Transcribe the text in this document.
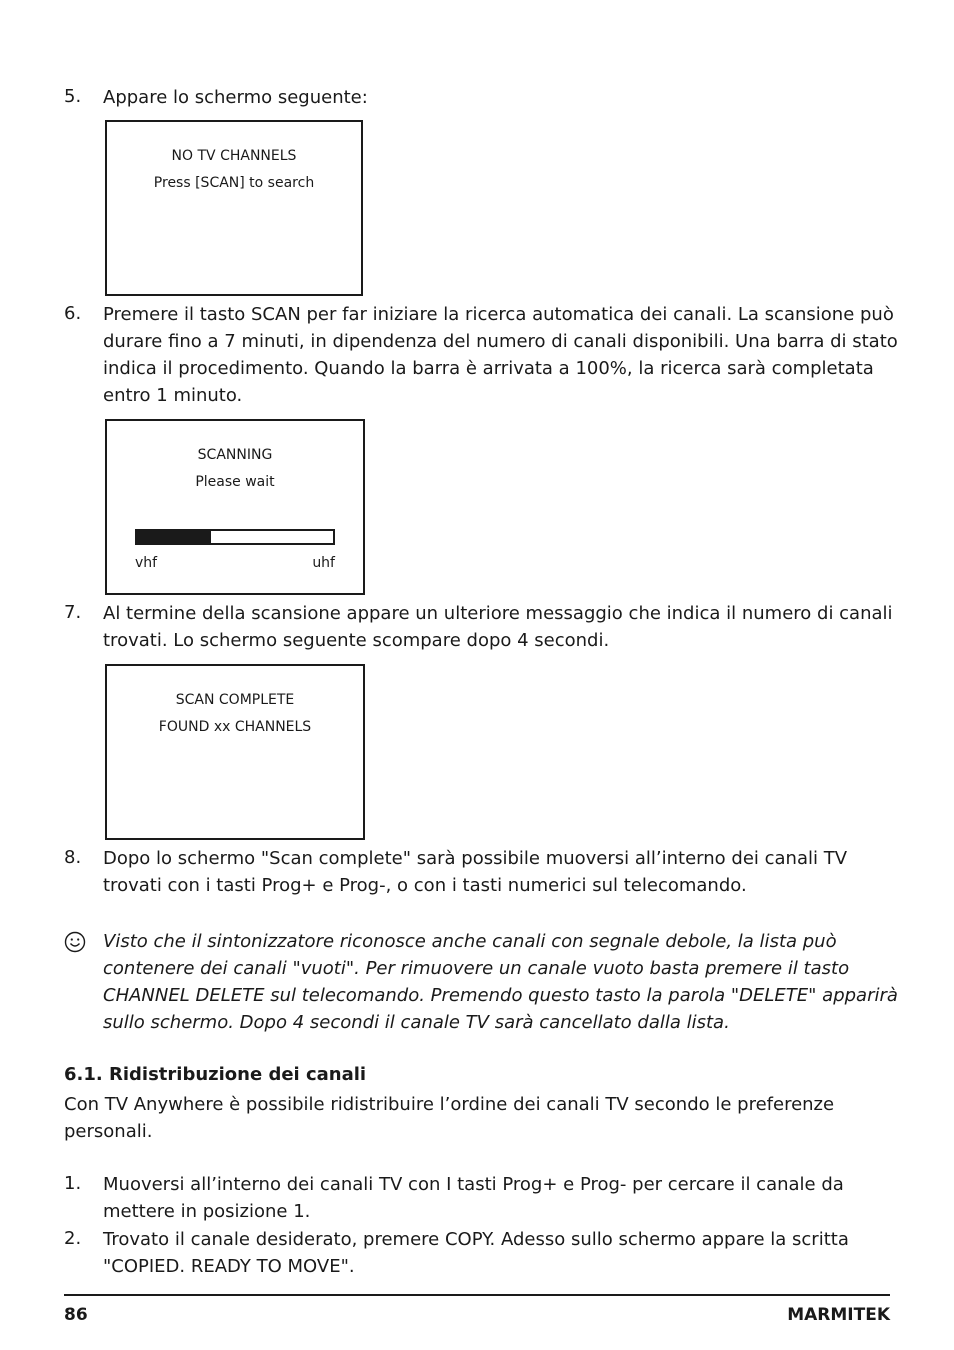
5. Appare lo schermo seguente:
NO TV CHANNELS
Press [SCAN] to search
6. Premere il tasto SCAN per far iniziare la ricerca automatica dei canali. La scansione può durare fino a 7 minuti, in dipendenza del numero di canali disponibili. Una barra di stato indica il procedimento. Quando la barra è arrivata a 100%, la ricerca sarà completata entro 1 minuto.
SCANNING
Please wait
vhf	uhf
7. Al termine della scansione appare un ulteriore messaggio che indica il numero di canali trovati. Lo schermo seguente scompare dopo 4 secondi.
SCAN COMPLETE
FOUND xx CHANNELS
8. Dopo lo schermo "Scan complete" sarà possibile muoversi all’interno dei canali TV trovati con i tasti Prog+ e Prog-, o con i tasti numerici sul telecomando.
Visto che il sintonizzatore riconosce anche canali con segnale debole, la lista può contenere dei canali "vuoti". Per rimuovere un canale vuoto basta premere il tasto CHANNEL DELETE sul telecomando. Premendo questo tasto la parola "DELETE" apparirà sullo schermo. Dopo 4 secondi il canale TV sarà cancellato dalla lista.
6.1. Ridistribuzione dei canali
Con TV Anywhere è possibile ridistribuire l’ordine dei canali TV secondo le preferenze personali.
1. Muoversi all’interno dei canali TV con I tasti Prog+ e Prog- per cercare il canale da mettere in posizione 1.
2. Trovato il canale desiderato, premere COPY. Adesso sullo schermo appare la scritta "COPIED. READY TO MOVE".
86	MARMITEK
